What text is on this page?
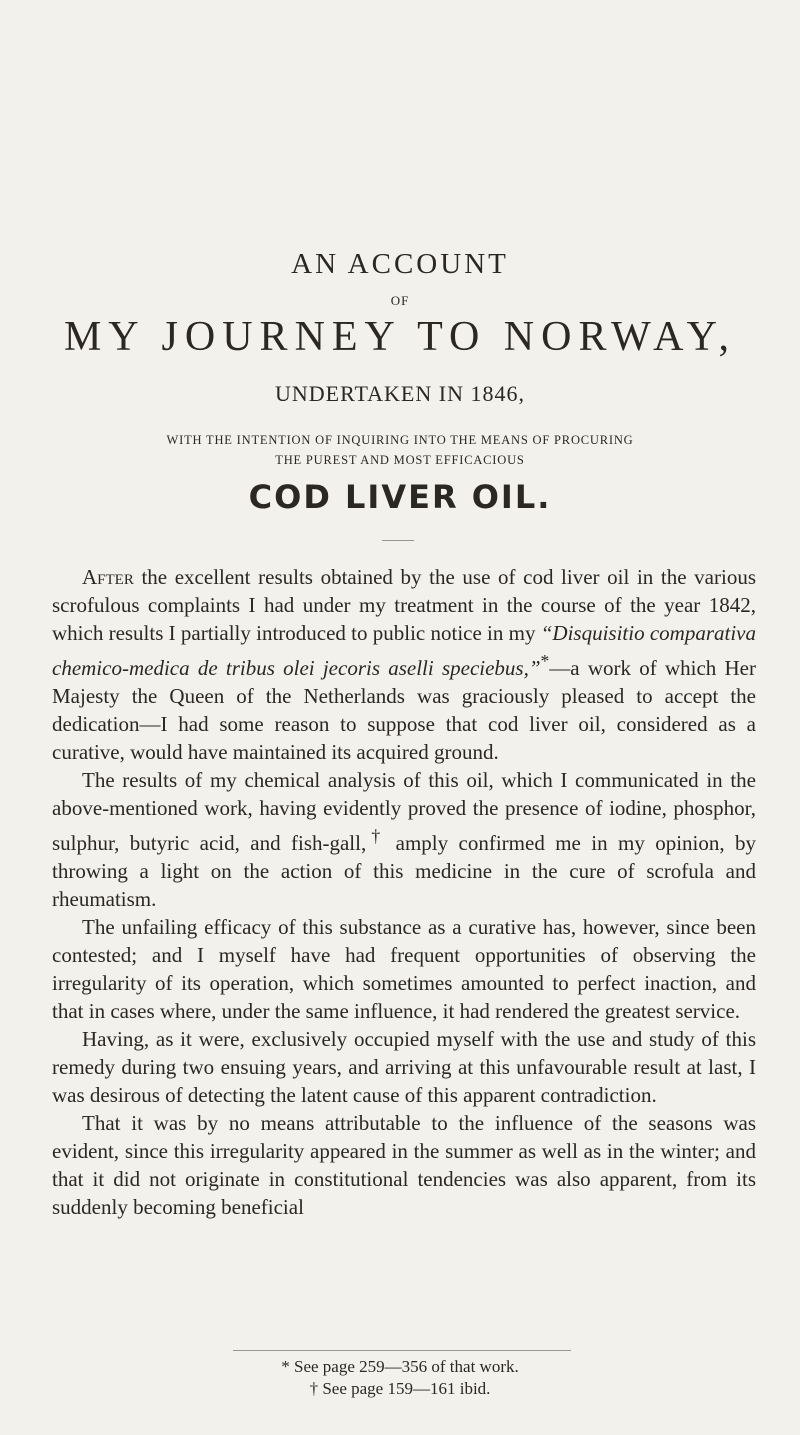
AN ACCOUNT
OF
MY JOURNEY TO NORWAY,
UNDERTAKEN IN 1846,
WITH THE INTENTION OF INQUIRING INTO THE MEANS OF PROCURING
THE PUREST AND MOST EFFICACIOUS
COD LIVER OIL.

After the excellent results obtained by the use of cod liver oil in the various scrofulous complaints I had under my treatment in the course of the year 1842, which results I partially introduced to public notice in my “Disquisitio comparativa chemico-medica de tribus olei jecoris aselli speciebus,”*—a work of which Her Majesty the Queen of the Netherlands was graciously pleased to accept the dedication—I had some reason to suppose that cod liver oil, considered as a curative, would have maintained its acquired ground.

The results of my chemical analysis of this oil, which I communicated in the above-mentioned work, having evidently proved the presence of iodine, phosphor, sulphur, butyric acid, and fish-gall,† amply confirmed me in my opinion, by throwing a light on the action of this medicine in the cure of scrofula and rheumatism.

The unfailing efficacy of this substance as a curative has, however, since been contested; and I myself have had frequent opportunities of observing the irregularity of its operation, which sometimes amounted to perfect inaction, and that in cases where, under the same influence, it had rendered the greatest service.

Having, as it were, exclusively occupied myself with the use and study of this remedy during two ensuing years, and arriving at this unfavourable result at last, I was desirous of detecting the latent cause of this apparent contradiction.

That it was by no means attributable to the influence of the seasons was evident, since this irregularity appeared in the summer as well as in the winter; and that it did not originate in constitutional tendencies was also apparent, from its suddenly becoming beneficial

* See page 259—356 of that work.
† See page 159—161 ibid.
